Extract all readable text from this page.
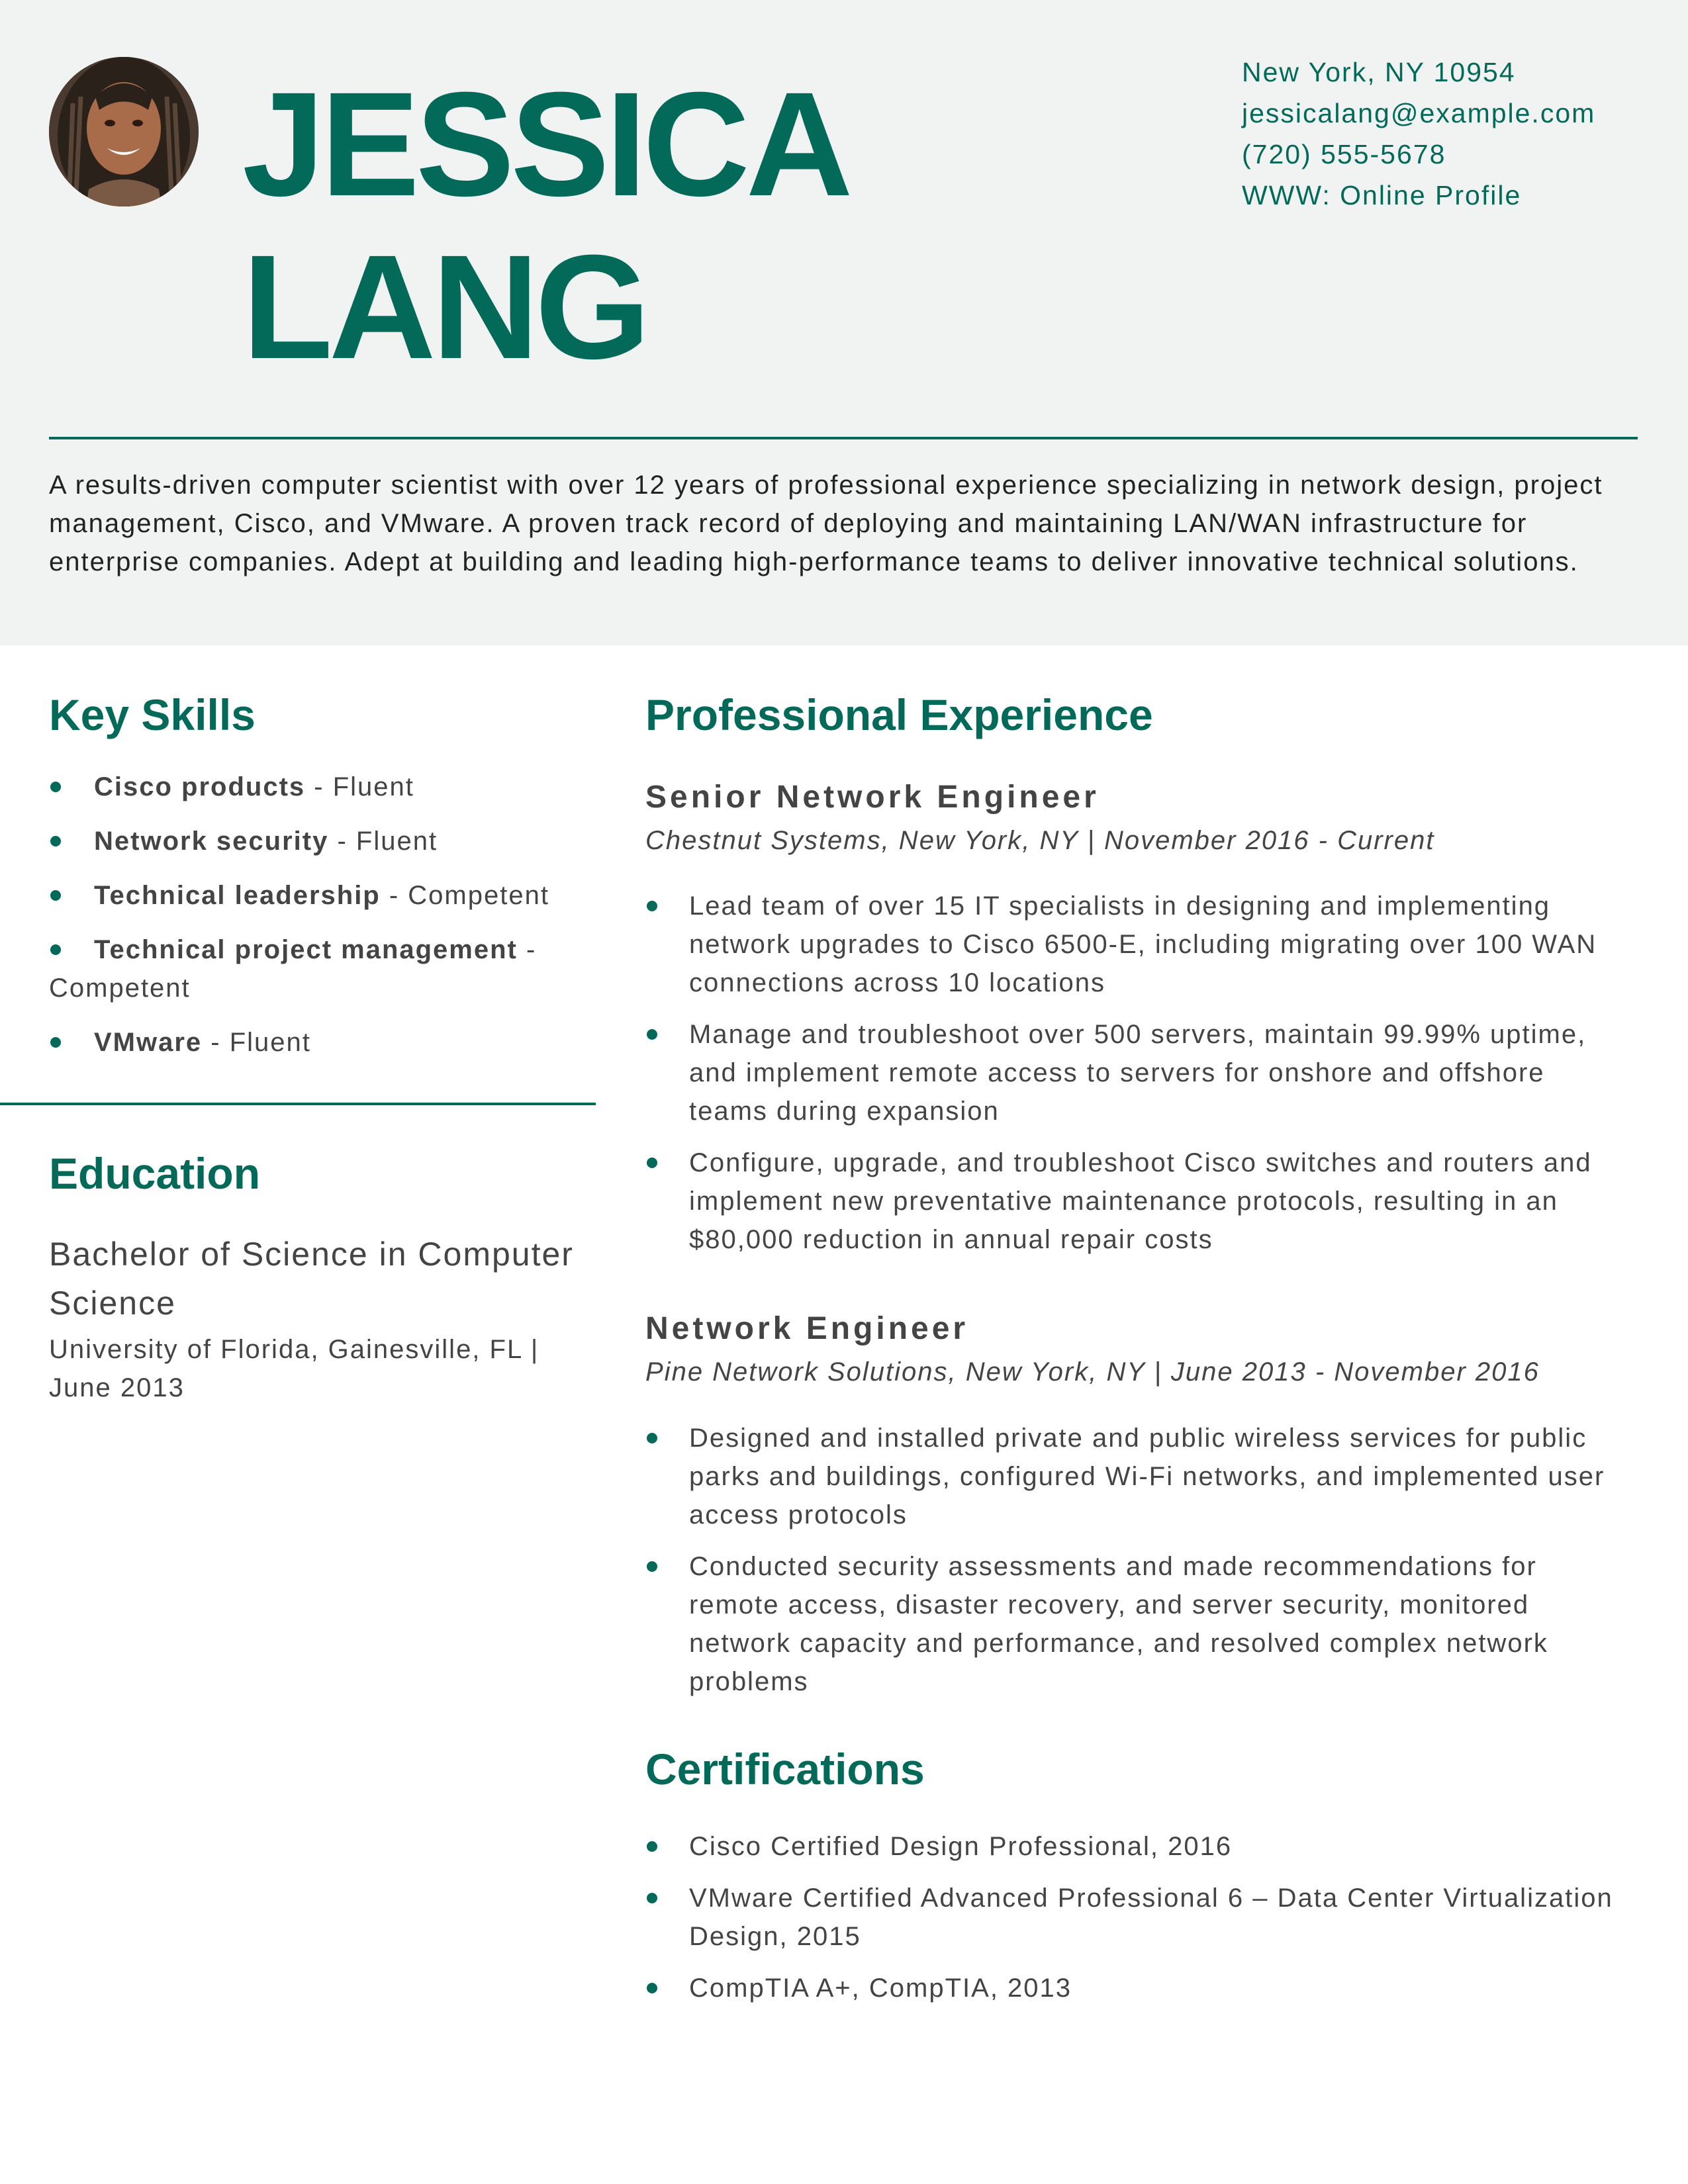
JESSICA
LANG
New York, NY 10954
jessicalang@example.com
(720) 555-5678
WWW: Online Profile

A results-driven computer scientist with over 12 years of professional experience specializing in network design, project management, Cisco, and VMware. A proven track record of deploying and maintaining LAN/WAN infrastructure for enterprise companies. Adept at building and leading high-performance teams to deliver innovative technical solutions.

Key Skills
Cisco products - Fluent
Network security - Fluent
Technical leadership - Competent
Technical project management - Competent
VMware - Fluent
Education
Bachelor of Science in Computer Science
University of Florida, Gainesville, FL | June 2013
Professional Experience
Senior Network Engineer
Chestnut Systems, New York, NY | November 2016 - Current
Lead team of over 15 IT specialists in designing and implementing network upgrades to Cisco 6500-E, including migrating over 100 WAN connections across 10 locations
Manage and troubleshoot over 500 servers, maintain 99.99% uptime, and implement remote access to servers for onshore and offshore teams during expansion
Configure, upgrade, and troubleshoot Cisco switches and routers and implement new preventative maintenance protocols, resulting in an $80,000 reduction in annual repair costs
Network Engineer
Pine Network Solutions, New York, NY | June 2013 - November 2016
Designed and installed private and public wireless services for public parks and buildings, configured Wi-Fi networks, and implemented user access protocols
Conducted security assessments and made recommendations for remote access, disaster recovery, and server security, monitored network capacity and performance, and resolved complex network problems
Certifications
Cisco Certified Design Professional, 2016
VMware Certified Advanced Professional 6 – Data Center Virtualization Design, 2015
CompTIA A+, CompTIA, 2013
